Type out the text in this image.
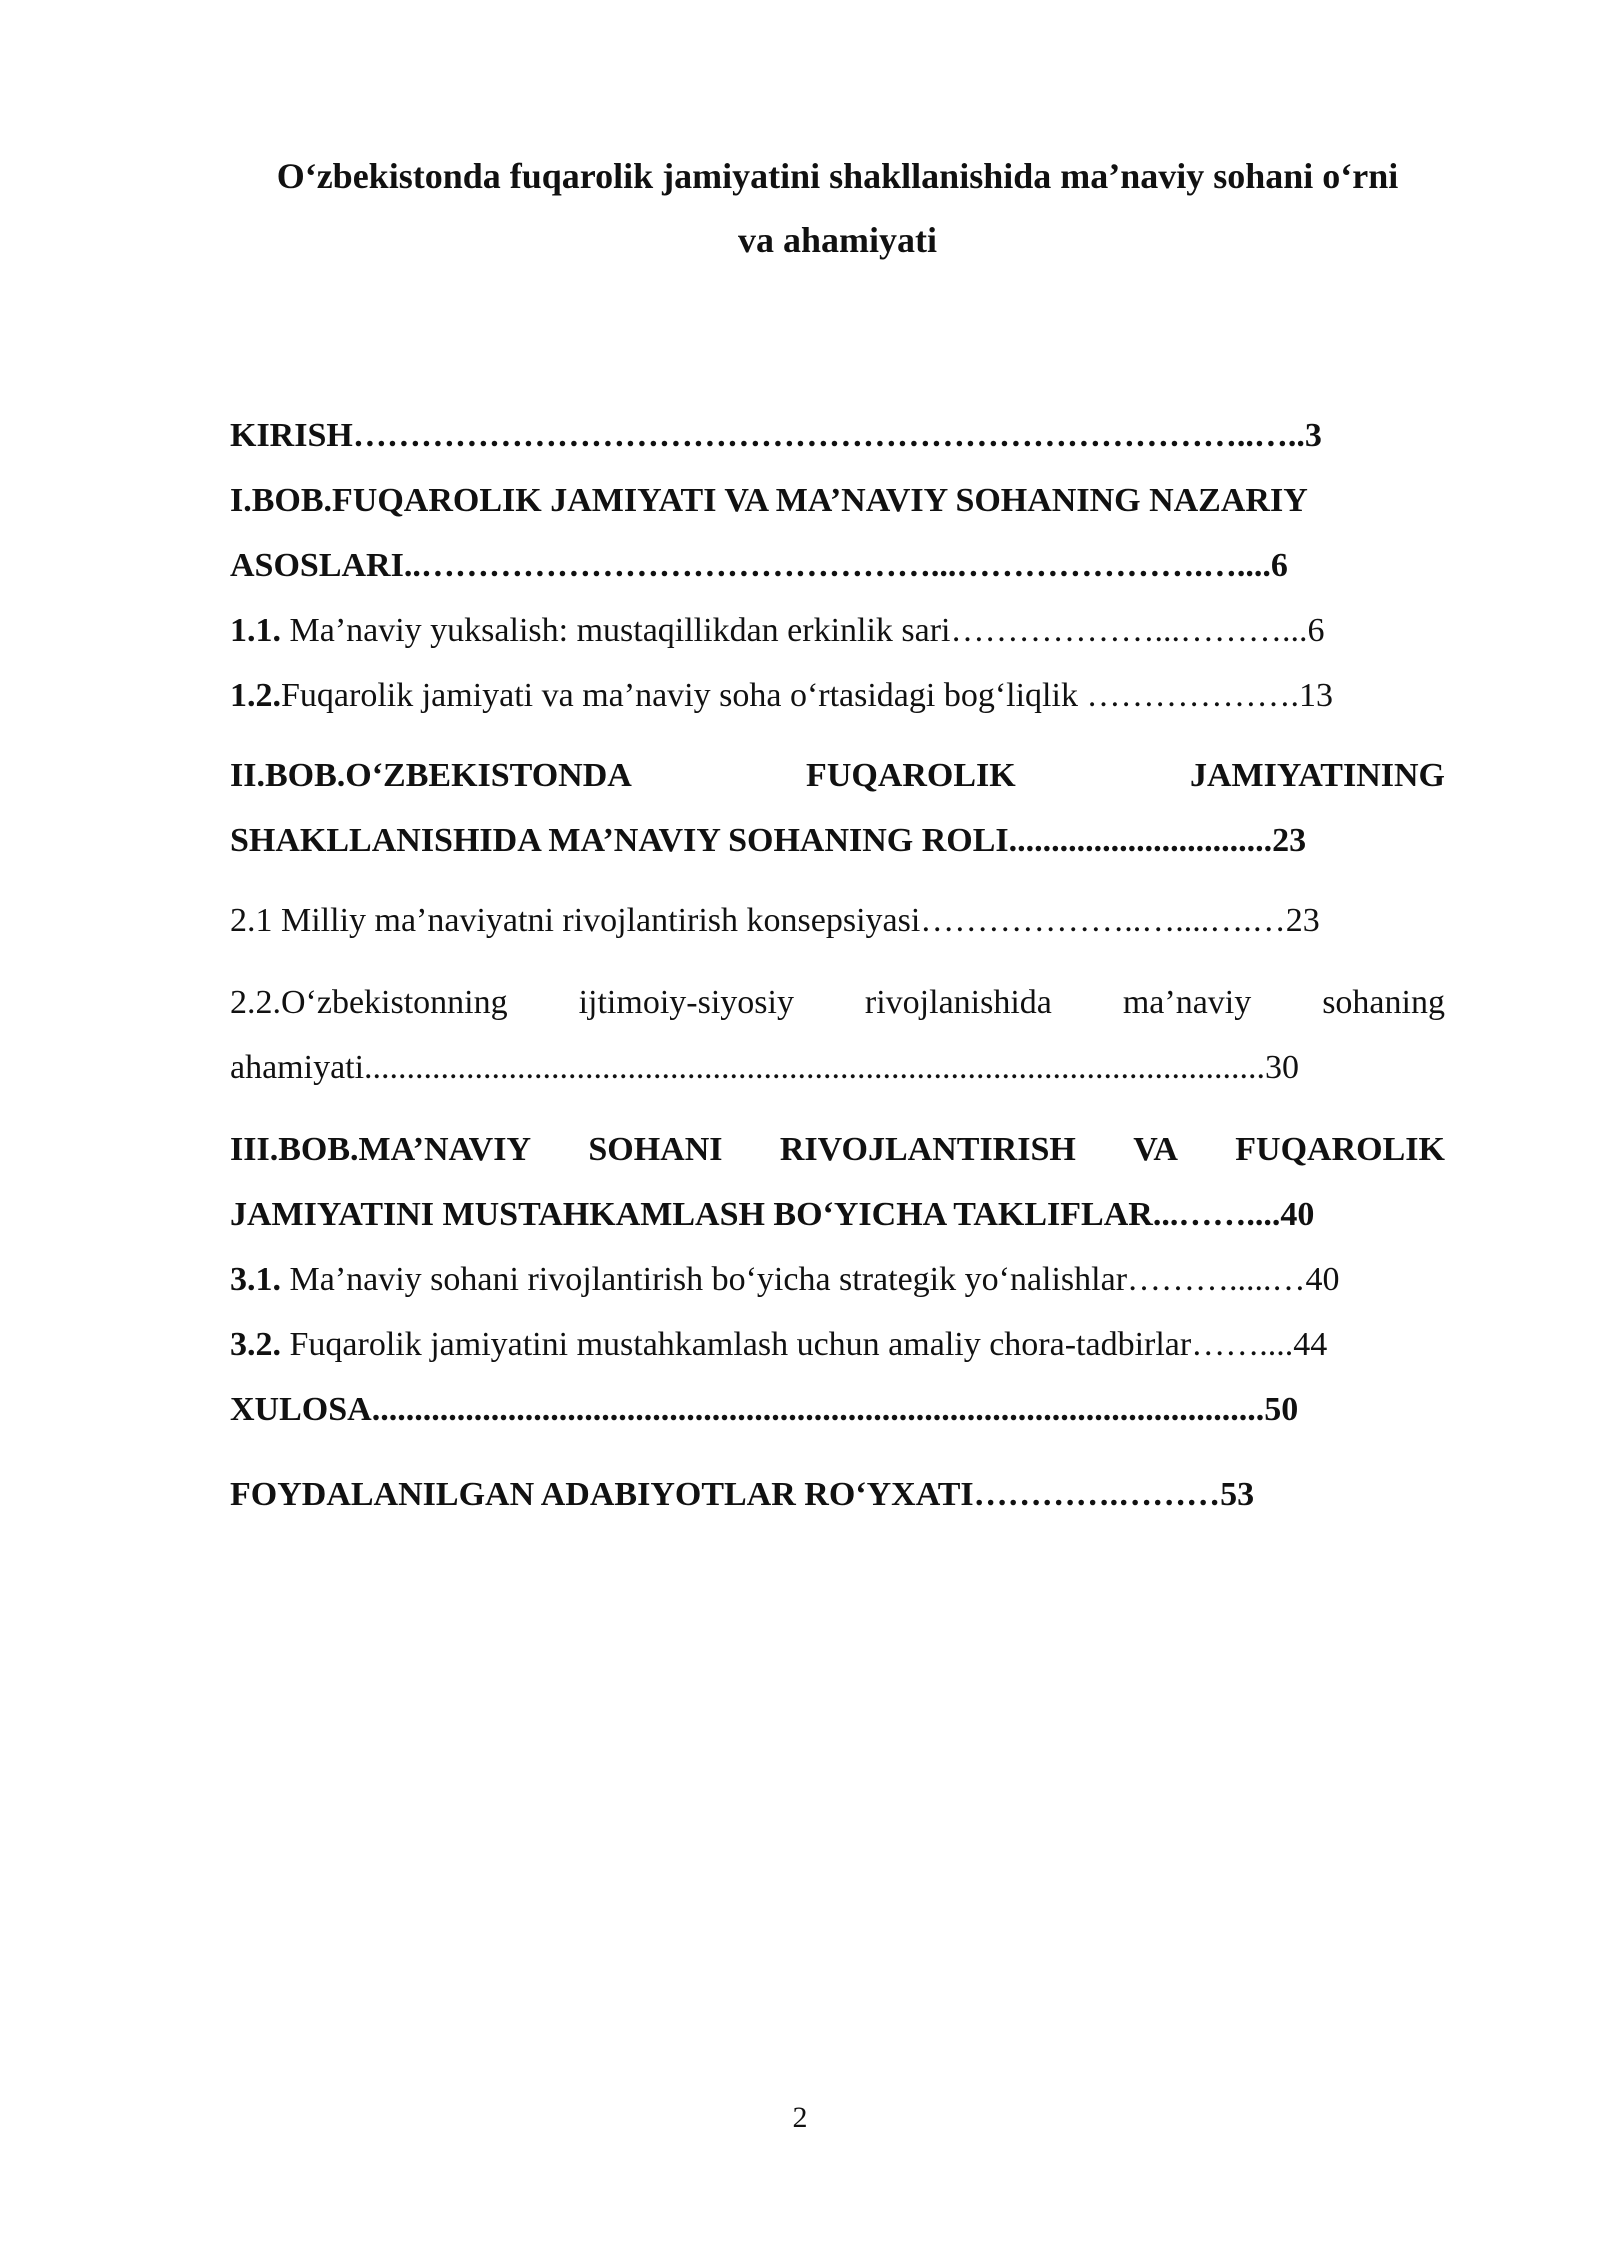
O‘zbekistonda fuqarolik jamiyatini shakllanishida ma’naviy sohani o‘rni
va ahamiyati
KIRISH……………………………………………………………………..…..3
I.BOB.FUQAROLIK JAMIYATI VA MA’NAVIY SOHANING NAZARIY
ASOSLARI..………………………………………...………………….…....6
1.1. Ma’naviy yuksalish: mustaqillikdan erkinlik sari………………...………...6
1.2.Fuqarolik jamiyati va ma’naviy soha o‘rtasidagi bog‘liqlik ……………….13
II.BOB.O‘ZBEKISTONDA	FUQAROLIK	JAMIYATINING
SHAKLLANISHIDA MA’NAVIY SOHANING ROLI...............................23
2.1 Milliy ma’naviyatni rivojlantirish konsepsiyasi………………..…....….…23
2.2.O‘zbekistonning ijtimoiy-siyosiy rivojlanishida ma’naviy sohaning
ahamiyati..........................................................................................................30
III.BOB.MA’NAVIY SOHANI RIVOJLANTIRISH VA FUQAROLIK
JAMIYATINI MUSTAHKAMLASH BO‘YICHA TAKLIFLAR...……....40
3.1. Ma’naviy sohani rivojlantirish bo‘yicha strategik yo‘nalishlar……….....…40
3.2. Fuqarolik jamiyatini mustahkamlash uchun amaliy chora-tadbirlar……....44
XULOSA.........................................................................................................50
FOYDALANILGAN ADABIYOTLAR RO‘YXATI………….………53
2
